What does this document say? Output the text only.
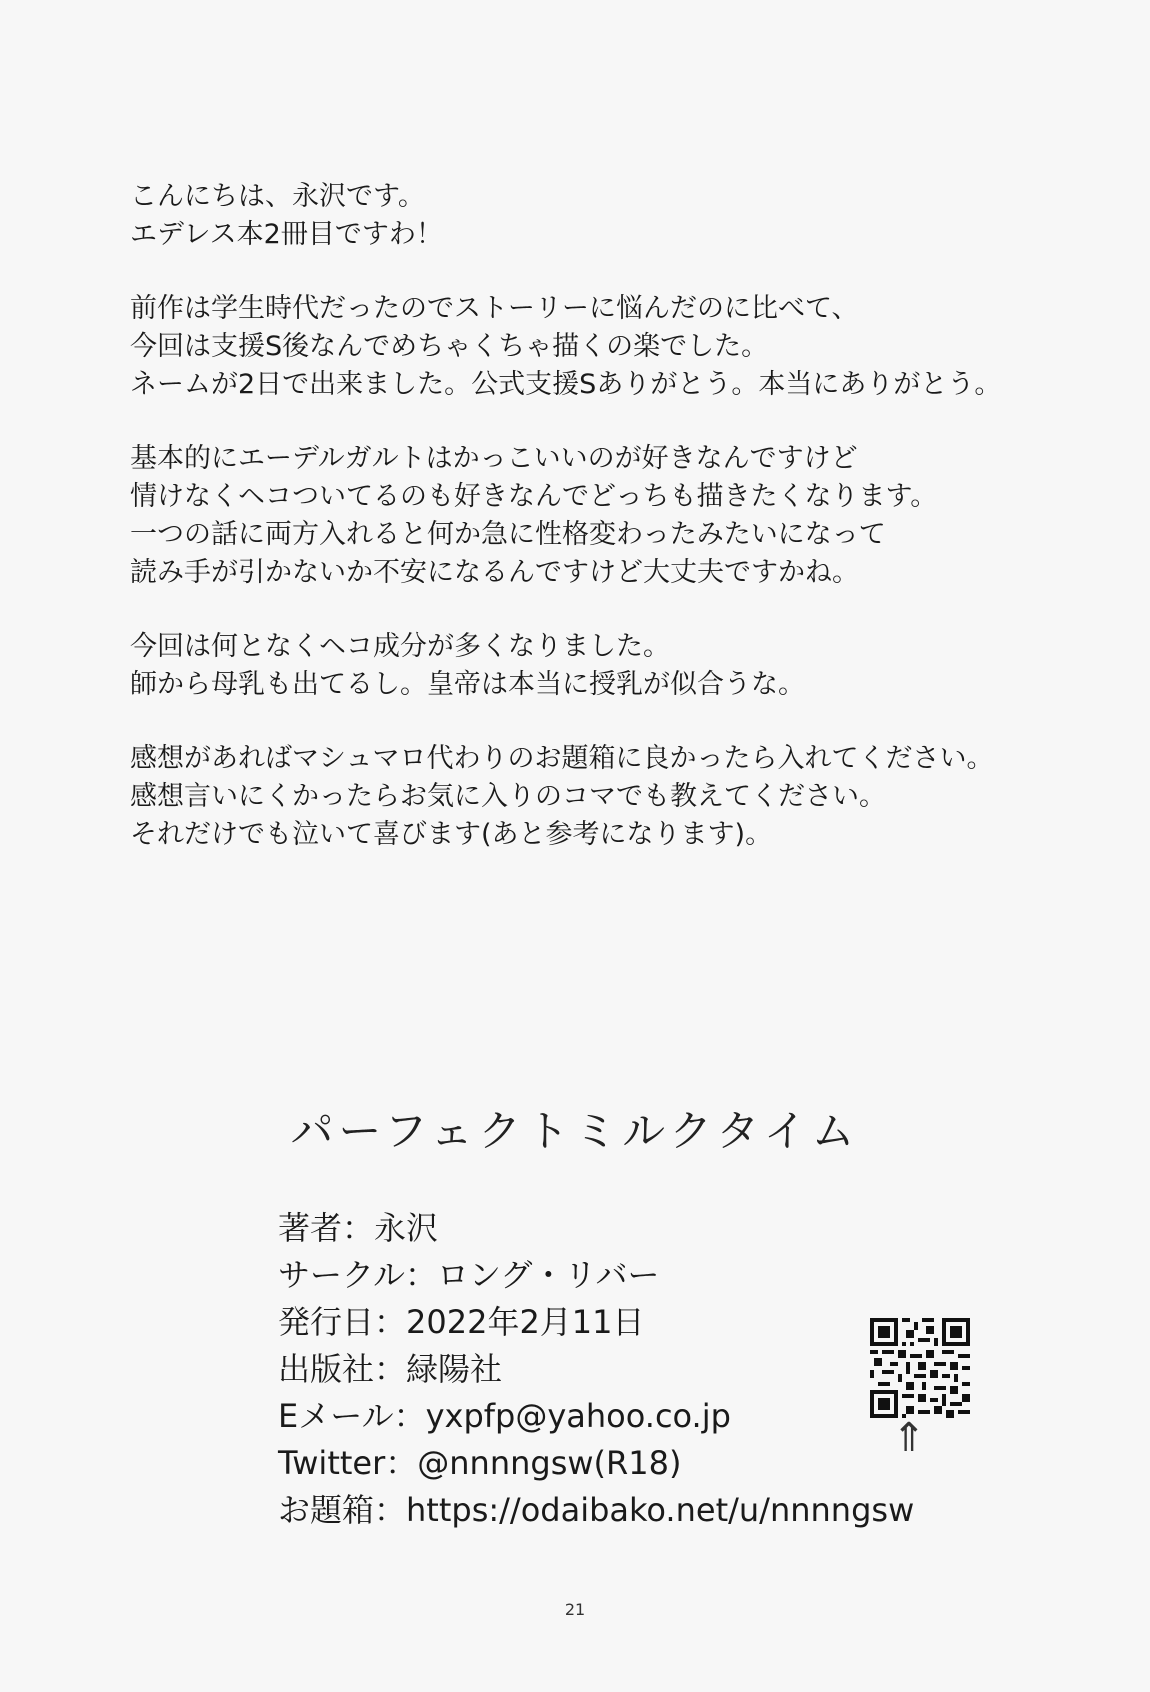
こんにちは、永沢です。
エデレス本2冊目ですわ！

前作は学生時代だったのでストーリーに悩んだのに比べて、
今回は支援S後なんでめちゃくちゃ描くの楽でした。
ネームが2日で出来ました。公式支援Sありがとう。本当にありがとう。

基本的にエーデルガルトはかっこいいのが好きなんですけど
情けなくヘコついてるのも好きなんでどっちも描きたくなります。
一つの話に両方入れると何か急に性格変わったみたいになって
読み手が引かないか不安になるんですけど大丈夫ですかね。

今回は何となくヘコ成分が多くなりました。
師から母乳も出てるし。皇帝は本当に授乳が似合うな。

感想があればマシュマロ代わりのお題箱に良かったら入れてください。
感想言いにくかったらお気に入りのコマでも教えてください。
それだけでも泣いて喜びます(あと参考になります)。

パーフェクトミルクタイム
著者：永沢
サークル：ロング・リバー
発行日：2022年2月11日
出版社：緑陽社
Eメール：yxpfp@yahoo.co.jp
Twitter：@nnnngsw(R18)
お題箱：https://odaibako.net/u/nnnngsw
⇑
21
